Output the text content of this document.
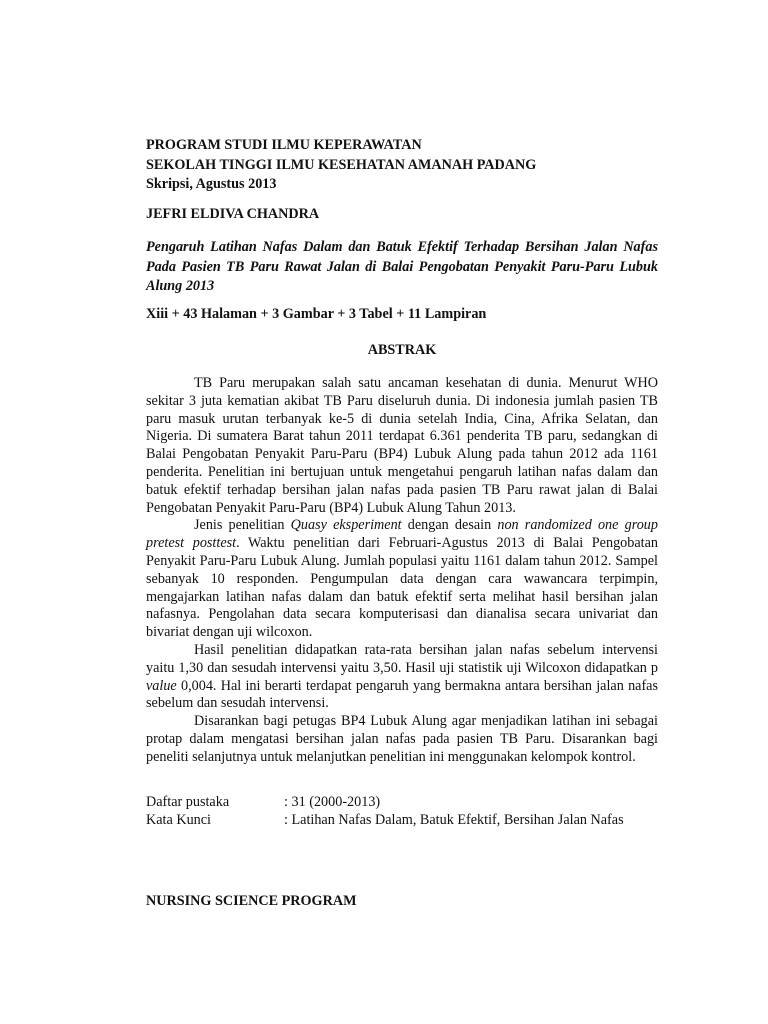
PROGRAM STUDI ILMU KEPERAWATAN
SEKOLAH TINGGI ILMU KESEHATAN AMANAH PADANG
Skripsi, Agustus 2013
JEFRI ELDIVA CHANDRA
Pengaruh Latihan Nafas Dalam dan Batuk Efektif Terhadap Bersihan Jalan Nafas Pada Pasien TB Paru Rawat Jalan di Balai Pengobatan Penyakit Paru-Paru Lubuk Alung 2013
Xiii + 43 Halaman + 3 Gambar + 3 Tabel + 11 Lampiran
ABSTRAK

TB Paru merupakan salah satu ancaman kesehatan di dunia. Menurut WHO sekitar 3 juta kematian akibat TB Paru diseluruh dunia. Di indonesia jumlah pasien TB paru masuk urutan terbanyak ke-5 di dunia setelah India, Cina, Afrika Selatan, dan Nigeria. Di sumatera Barat tahun 2011 terdapat 6.361 penderita TB paru, sedangkan di Balai Pengobatan Penyakit Paru-Paru (BP4) Lubuk Alung pada tahun 2012 ada 1161 penderita. Penelitian ini bertujuan untuk mengetahui pengaruh latihan nafas dalam dan batuk efektif terhadap bersihan jalan nafas pada pasien TB Paru rawat jalan di Balai Pengobatan Penyakit Paru-Paru (BP4) Lubuk Alung Tahun 2013.

Jenis penelitian Quasy eksperiment dengan desain non randomized one group pretest posttest. Waktu penelitian dari Februari-Agustus 2013 di Balai Pengobatan Penyakit Paru-Paru Lubuk Alung. Jumlah populasi yaitu 1161 dalam tahun 2012. Sampel sebanyak 10 responden. Pengumpulan data dengan cara wawancara terpimpin, mengajarkan latihan nafas dalam dan batuk efektif serta melihat hasil bersihan jalan nafasnya. Pengolahan data secara komputerisasi dan dianalisa secara univariat dan bivariat dengan uji wilcoxon.

Hasil penelitian didapatkan rata-rata bersihan jalan nafas sebelum intervensi yaitu 1,30 dan sesudah intervensi yaitu 3,50. Hasil uji statistik uji Wilcoxon didapatkan p value 0,004. Hal ini berarti terdapat pengaruh yang bermakna antara bersihan jalan nafas sebelum dan sesudah intervensi.

Disarankan bagi petugas BP4 Lubuk Alung agar menjadikan latihan ini sebagai protap dalam mengatasi bersihan jalan nafas pada pasien TB Paru. Disarankan bagi peneliti selanjutnya untuk melanjutkan penelitian ini menggunakan kelompok kontrol.

Daftar pustaka	: 31 (2000-2013)
Kata Kunci	: Latihan Nafas Dalam, Batuk Efektif, Bersihan Jalan Nafas
NURSING SCIENCE PROGRAM
